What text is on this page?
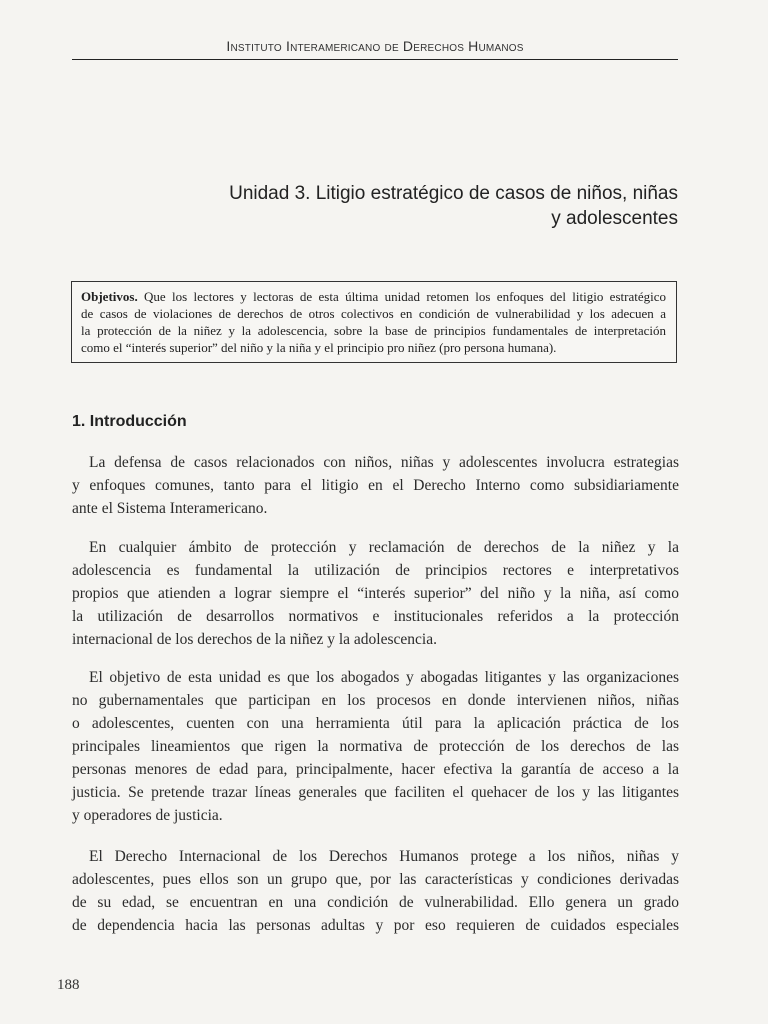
Instituto Interamericano de Derechos Humanos
Unidad 3. Litigio estratégico de casos de niños, niñas
y adolescentes
Objetivos. Que los lectores y lectoras de esta última unidad retomen los enfoques del litigio estratégico
de casos de violaciones de derechos de otros colectivos en condición de vulnerabilidad y los adecuen a
la protección de la niñez y la adolescencia, sobre la base de principios fundamentales de interpretación
como el “interés superior” del niño y la niña y el principio pro niñez (pro persona humana).
1. Introducción
La defensa de casos relacionados con niños, niñas y adolescentes involucra estrategias
y enfoques comunes, tanto para el litigio en el Derecho Interno como subsidiariamente
ante el Sistema Interamericano.
En cualquier ámbito de protección y reclamación de derechos de la niñez y la
adolescencia es fundamental la utilización de principios rectores e interpretativos
propios que atienden a lograr siempre el “interés superior” del niño y la niña, así como
la utilización de desarrollos normativos e institucionales referidos a la protección
internacional de los derechos de la niñez y la adolescencia.
El objetivo de esta unidad es que los abogados y abogadas litigantes y las organizaciones
no gubernamentales que participan en los procesos en donde intervienen niños, niñas
o adolescentes, cuenten con una herramienta útil para la aplicación práctica de los
principales lineamientos que rigen la normativa de protección de los derechos de las
personas menores de edad para, principalmente, hacer efectiva la garantía de acceso a la
justicia. Se pretende trazar líneas generales que faciliten el quehacer de los y las litigantes
y operadores de justicia.
El Derecho Internacional de los Derechos Humanos protege a los niños, niñas y
adolescentes, pues ellos son un grupo que, por las características y condiciones derivadas
de su edad, se encuentran en una condición de vulnerabilidad. Ello genera un grado
de dependencia hacia las personas adultas y por eso requieren de cuidados especiales
188
